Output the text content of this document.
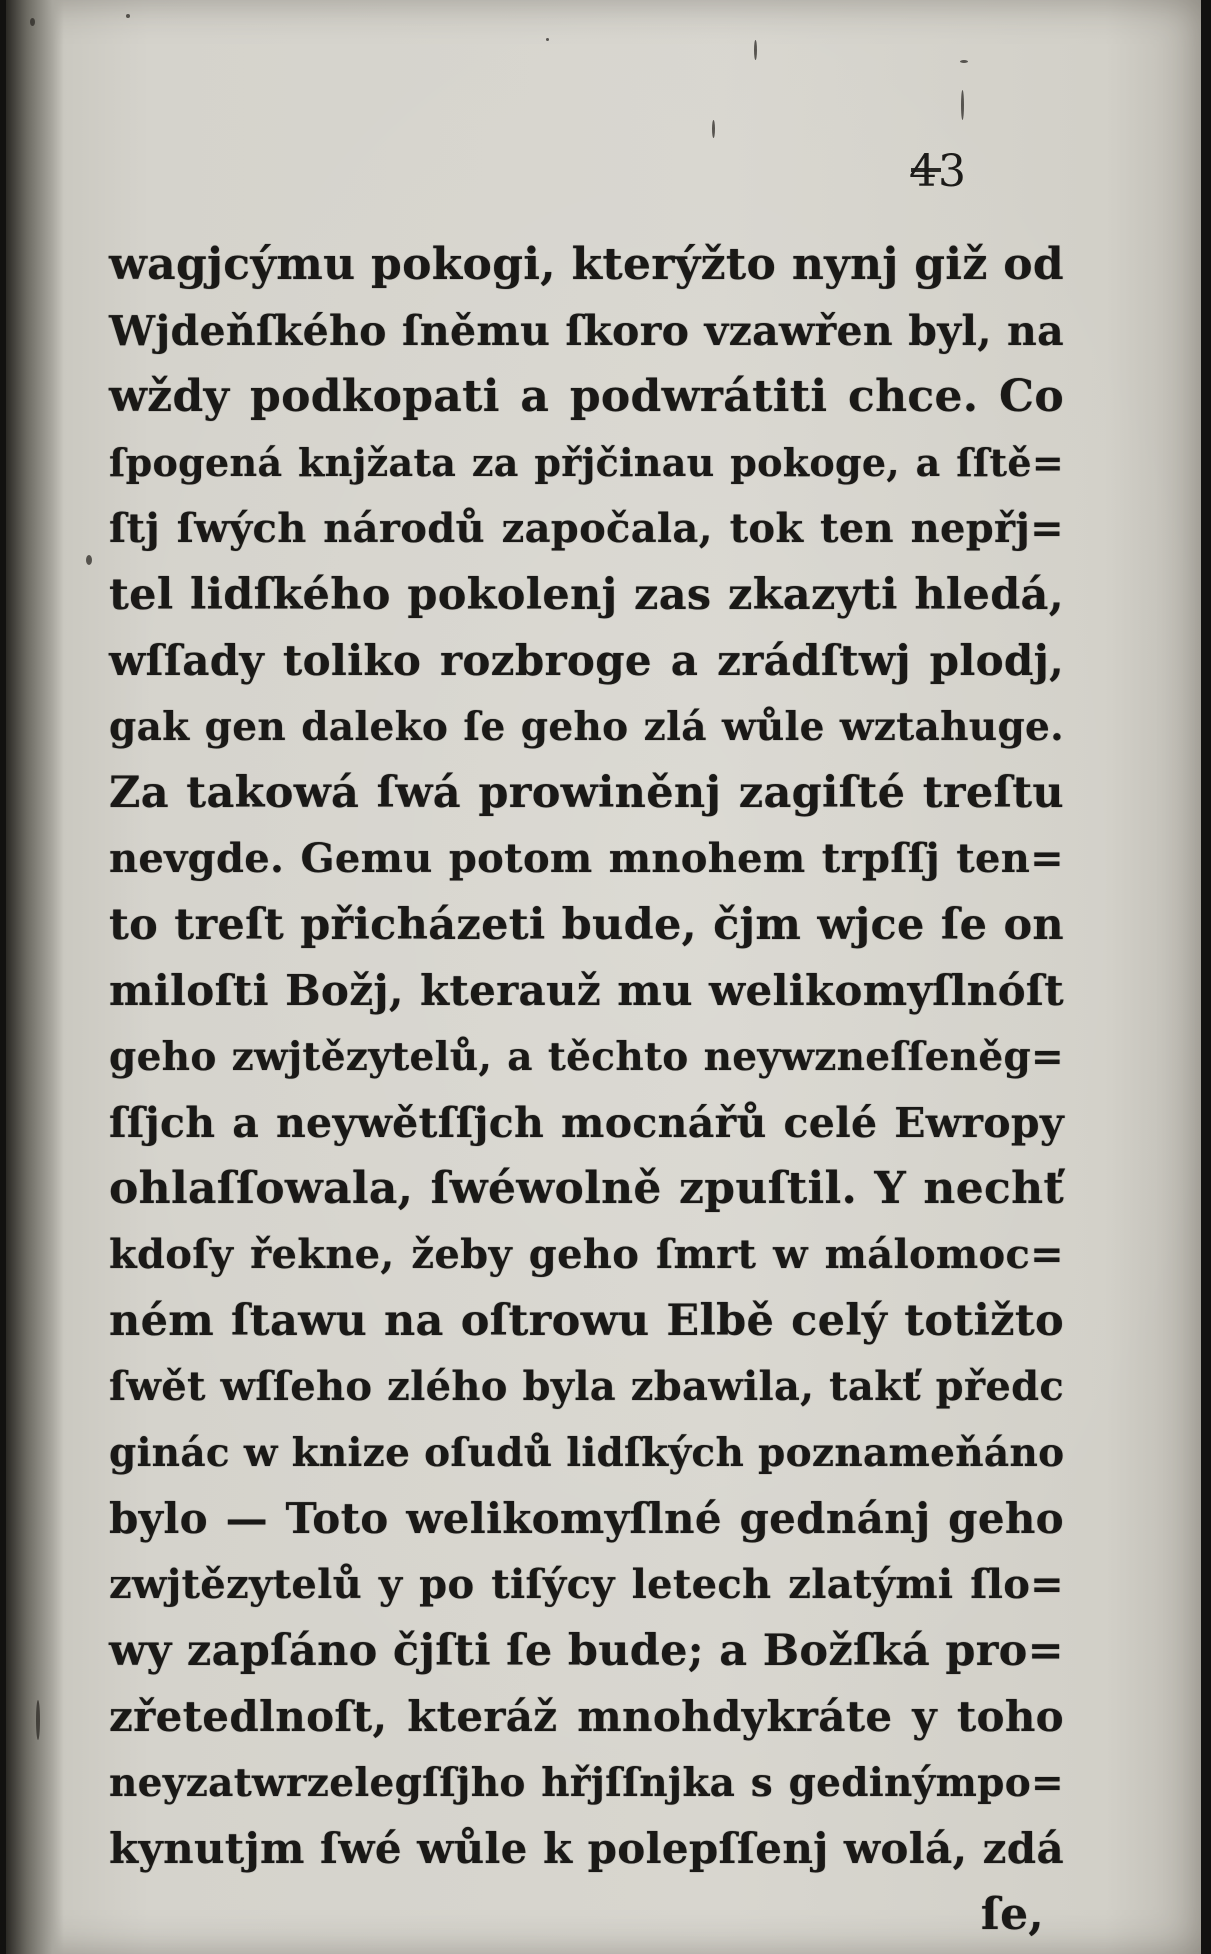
43
wagjcýmu pokogi, kterýžto nynj giž od
Wjdeňſkého ſněmu ſkoro vzawřen byl, na
wždy podkopati a podwrátiti chce. Co
ſpogená knjžata za přjčinau pokoge, a ſſtě=
ſtj ſwých národů započala, tok ten nepřj=
tel lidſkého pokolenj zas zkazyti hledá,
wſſady toliko rozbroge a zrádſtwj plodj,
gak gen daleko ſe geho zlá wůle wztahuge.
Za takowá ſwá prowiněnj zagiſté treſtu
nevgde. Gemu potom mnohem trpſſj ten=
to treſt přicházeti bude, čjm wjce ſe on
miloſti Božj, kterauž mu welikomyſlnóſt
geho zwjtězytelů, a těchto neywzneſſeněg=
ſſjch a neywětſſjch mocnářů celé Ewropy
ohlaſſowala, ſwéwolně zpuſtil. Y nechť
kdoſy řekne, žeby geho ſmrt w málomoc=
ném ſtawu na oſtrowu Elbě celý totižto
ſwět wſſeho zlého byla zbawila, takť předc
ginác w knize oſudů lidſkých poznameňáno
bylo — Toto welikomyſlné gednánj geho
zwjtězytelů y po tiſýcy letech zlatými ſlo=
wy zapſáno čjſti ſe bude; a Božſká pro=
zřetedlnoſt, kteráž mnohdykráte y toho
neyzatwrzelegſſjho hřjſſnjka s gedinýmpo=
kynutjm ſwé wůle k polepſſenj wolá, zdá
ſe,
